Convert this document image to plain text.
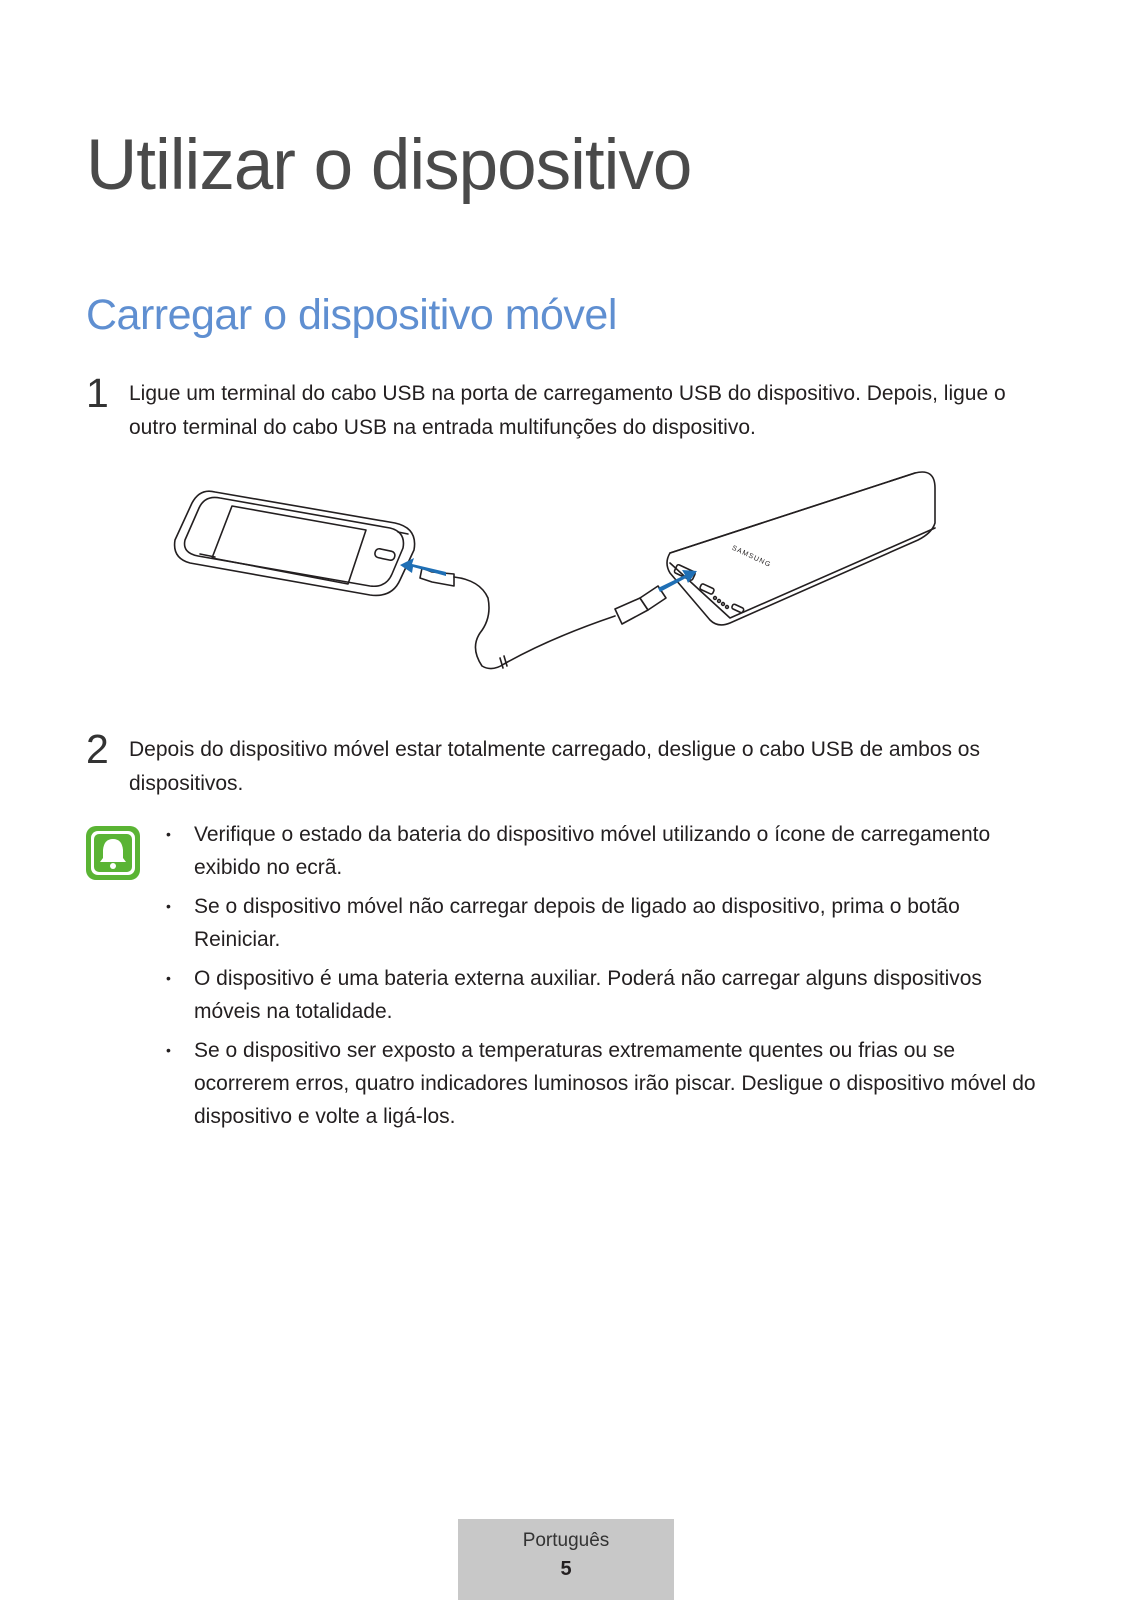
Utilizar o dispositivo
Carregar o dispositivo móvel
1 Ligue um terminal do cabo USB na porta de carregamento USB do dispositivo. Depois, ligue o outro terminal do cabo USB na entrada multifunções do dispositivo.
SAMSUNG
2 Depois do dispositivo móvel estar totalmente carregado, desligue o cabo USB de ambos os dispositivos.
• Verifique o estado da bateria do dispositivo móvel utilizando o ícone de carregamento exibido no ecrã.
• Se o dispositivo móvel não carregar depois de ligado ao dispositivo, prima o botão Reiniciar.
• O dispositivo é uma bateria externa auxiliar. Poderá não carregar alguns dispositivos móveis na totalidade.
• Se o dispositivo ser exposto a temperaturas extremamente quentes ou frias ou se ocorrerem erros, quatro indicadores luminosos irão piscar. Desligue o dispositivo móvel do dispositivo e volte a ligá-los.
Português
5
